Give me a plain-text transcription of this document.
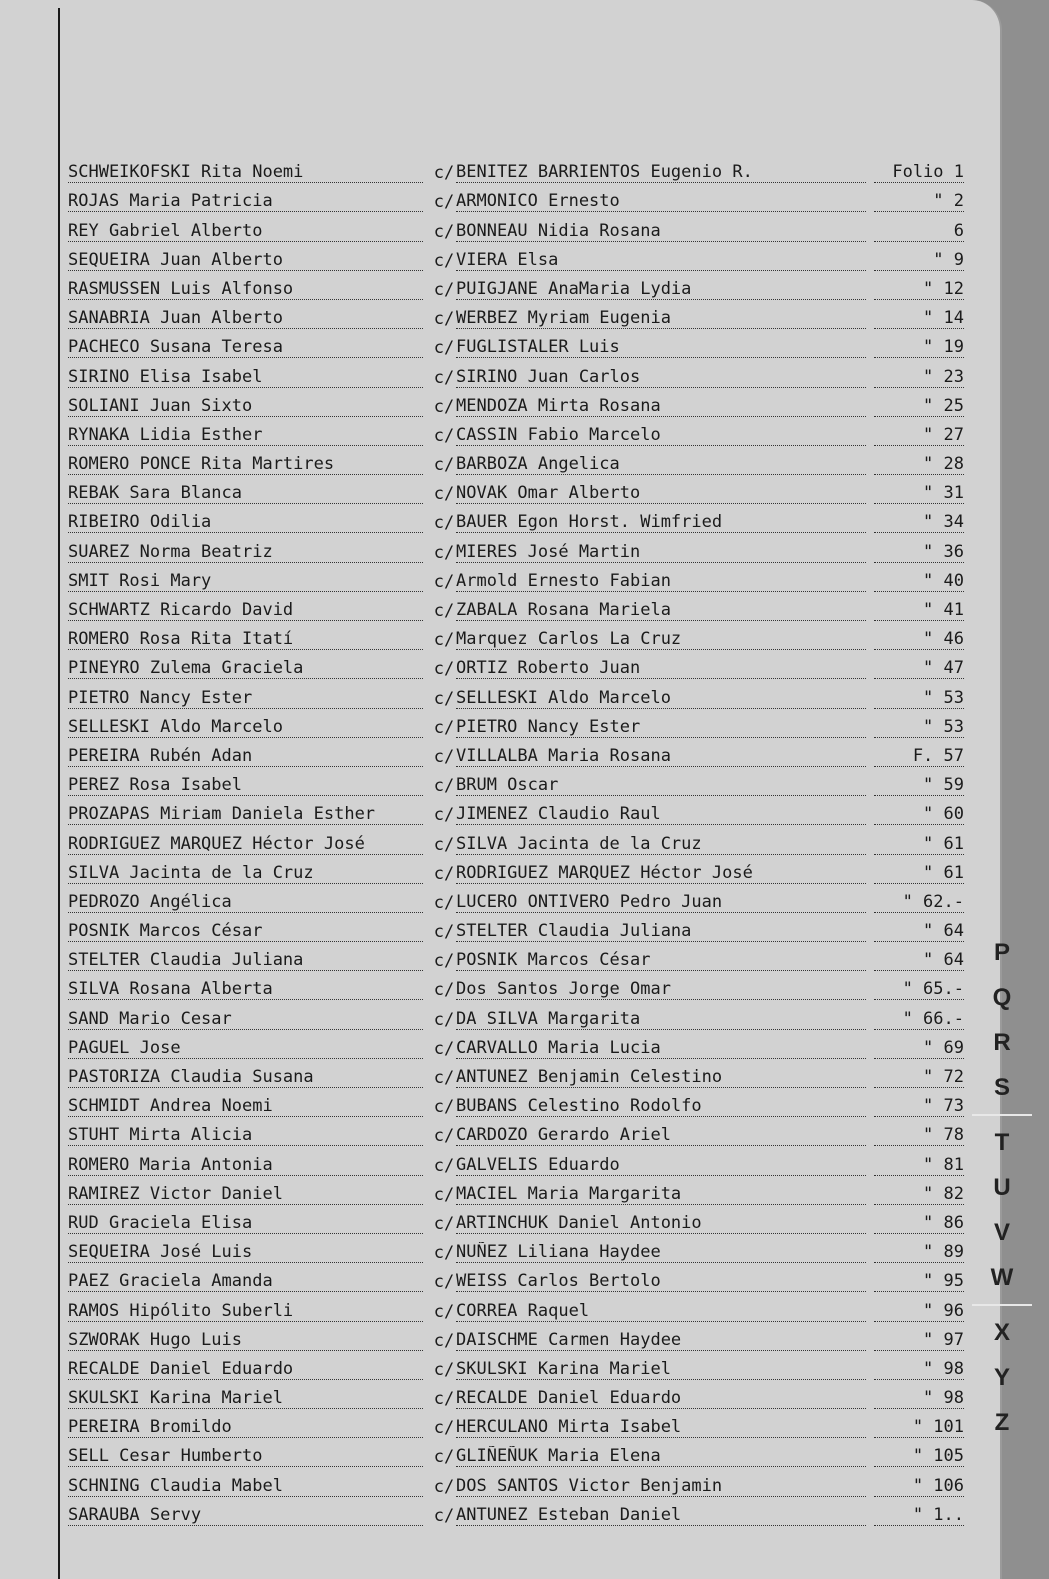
SCHWEIKOFSKI Rita Noemi	c/ BENITEZ BARRIENTOS Eugenio R.	Folio 1
ROJAS Maria Patricia	c/ ARMONICO Ernesto	" 2
REY Gabriel Alberto	c/ BONNEAU Nidia Rosana	6
SEQUEIRA Juan Alberto	c/ VIERA Elsa	" 9
RASMUSSEN Luis Alfonso	c/ PUIGJANE AnaMaria Lydia	" 12
SANABRIA Juan Alberto	c/ WERBEZ Myriam Eugenia	" 14
PACHECO Susana Teresa	c/ FUGLISTALER Luis	" 19
SIRINO Elisa Isabel	c/ SIRINO Juan Carlos	" 23
SOLIANI Juan Sixto	c/ MENDOZA Mirta Rosana	" 25
RYNAKA Lidia Esther	c/ CASSIN Fabio Marcelo	" 27
ROMERO PONCE Rita Martires	c/ BARBOZA Angelica	" 28
REBAK Sara Blanca	c/ NOVAK Omar Alberto	" 31
RIBEIRO Odilia	c/ BAUER Egon Horst. Wimfried	" 34
SUAREZ Norma Beatriz	c/ MIERES José Martin	" 36
SMIT Rosi Mary	c/ Armold Ernesto Fabian	" 40
SCHWARTZ Ricardo David	c/ ZABALA Rosana Mariela	" 41
ROMERO Rosa Rita Itatí	c/ Marquez Carlos La Cruz	" 46
PINEYRO Zulema Graciela	c/ ORTIZ Roberto Juan	" 47
PIETRO Nancy Ester	c/ SELLESKI Aldo Marcelo	" 53
SELLESKI Aldo Marcelo	c/ PIETRO Nancy Ester	" 53
PEREIRA Rubén Adan	c/ VILLALBA Maria Rosana	F. 57
PEREZ Rosa Isabel	c/ BRUM Oscar	" 59
PROZAPAS Miriam Daniela Esther	c/ JIMENEZ Claudio Raul	" 60
RODRIGUEZ MARQUEZ Héctor José	c/ SILVA Jacinta de la Cruz	" 61
SILVA Jacinta de la Cruz	c/ RODRIGUEZ MARQUEZ Héctor José	" 61
PEDROZO Angélica	c/ LUCERO ONTIVERO Pedro Juan	" 62.-
POSNIK Marcos César	c/ STELTER Claudia Juliana	" 64
STELTER Claudia Juliana	c/ POSNIK Marcos César	" 64
SILVA Rosana Alberta	c/ Dos Santos Jorge Omar	" 65.-
SAND Mario Cesar	c/ DA SILVA Margarita	" 66.-
PAGUEL Jose	c/ CARVALLO Maria Lucia	" 69
PASTORIZA Claudia Susana	c/ ANTUNEZ Benjamin Celestino	" 72
SCHMIDT Andrea Noemi	c/ BUBANS Celestino Rodolfo	" 73
STUHT Mirta Alicia	c/ CARDOZO Gerardo Ariel	" 78
ROMERO Maria Antonia	c/ GALVELIS Eduardo	" 81
RAMIREZ Victor Daniel	c/ MACIEL Maria Margarita	" 82
RUD Graciela Elisa	c/ ARTINCHUK Daniel Antonio	" 86
SEQUEIRA José Luis	c/ NUÑEZ Liliana Haydee	" 89
PAEZ Graciela Amanda	c/ WEISS Carlos Bertolo	" 95
RAMOS Hipólito Suberli	c/ CORREA Raquel	" 96
SZWORAK Hugo Luis	c/ DAISCHME Carmen Haydee	" 97
RECALDE Daniel Eduardo	c/ SKULSKI Karina Mariel	" 98
SKULSKI Karina Mariel	c/ RECALDE Daniel Eduardo	" 98
PEREIRA Bromildo	c/ HERCULANO Mirta Isabel	" 101
SELL Cesar Humberto	c/ GLIÑEÑUK Maria Elena	" 105
SCHNING Claudia Mabel	c/ DOS SANTOS Victor Benjamin	" 106
SARAUBA Servy	c/ ANTUNEZ Esteban Daniel	" 1..
P
Q
R
S
T
U
V
W
X
Y
Z
